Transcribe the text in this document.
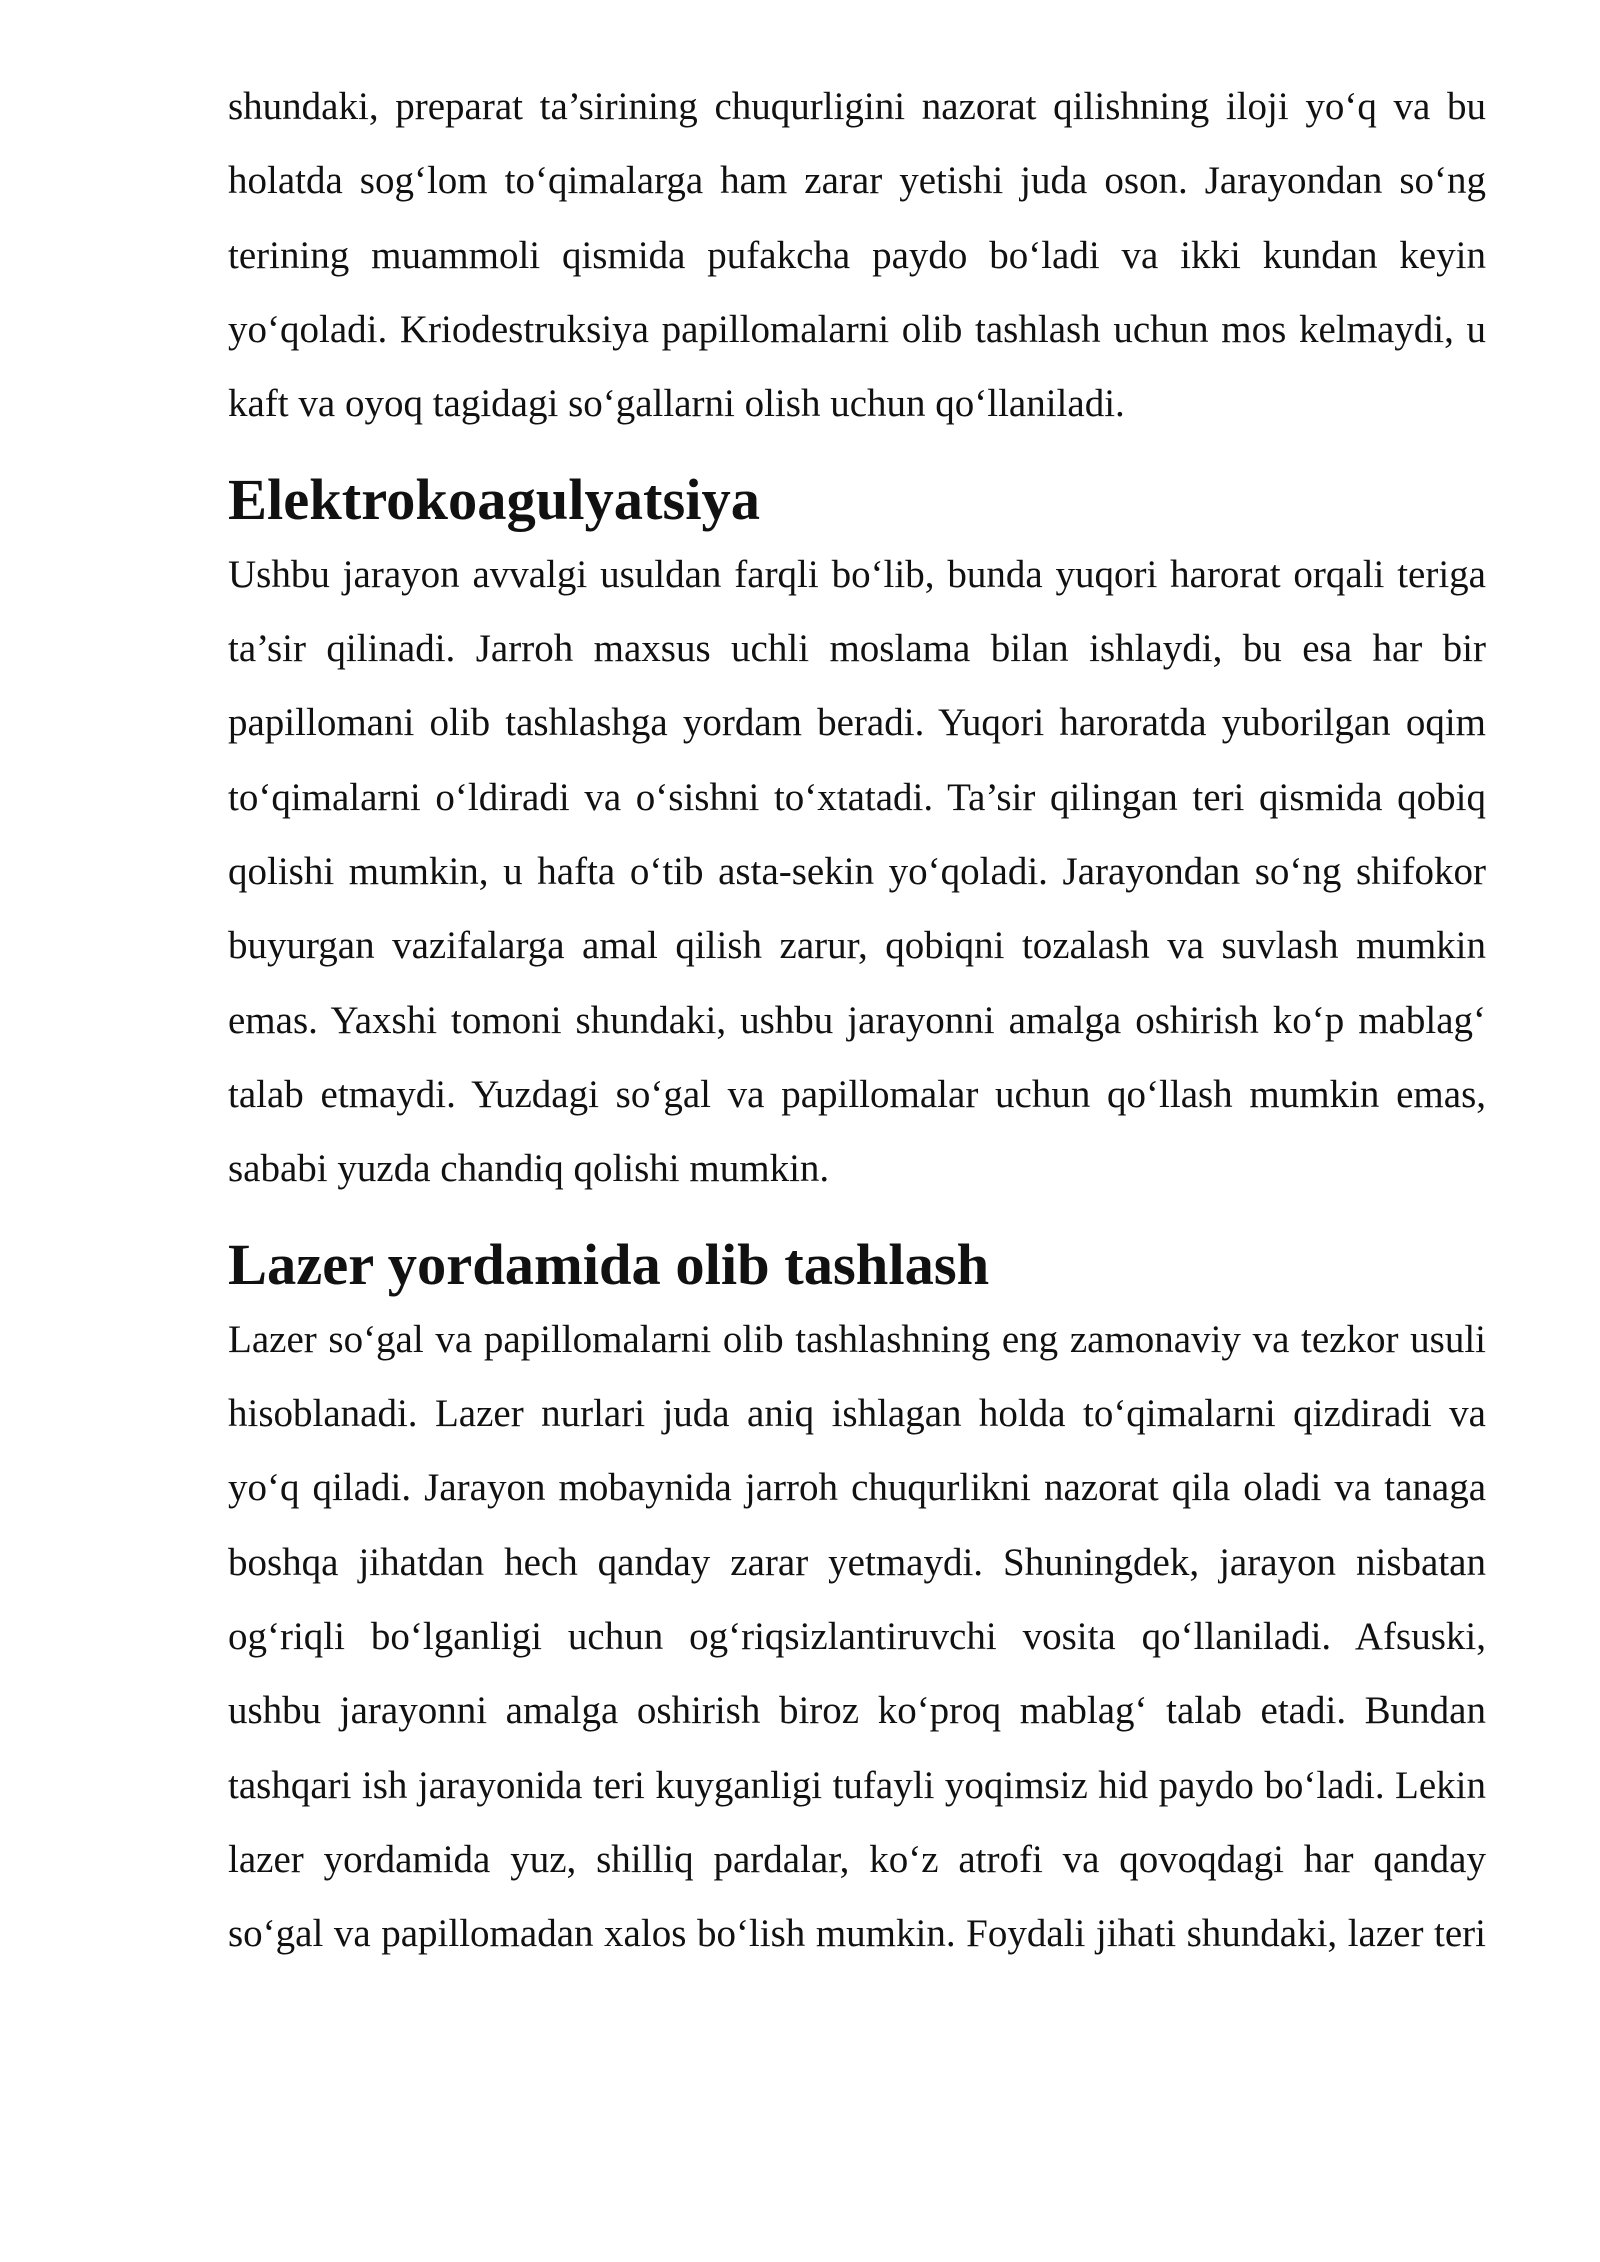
shundaki, preparat ta’sirining chuqurligini nazorat qilishning iloji yo‘q va bu holatda sog‘lom to‘qimalarga ham zarar yetishi juda oson. Jarayondan so‘ng terining muammoli qismida pufakcha paydo bo‘ladi va ikki kundan keyin yo‘qoladi. Kriodestruksiya papillomalarni olib tashlash uchun mos kelmaydi, u kaft va oyoq tagidagi so‘gallarni olish uchun qo‘llaniladi.

Elektrokoagulyatsiya

Ushbu jarayon avvalgi usuldan farqli bo‘lib, bunda yuqori harorat orqali teriga ta’sir qilinadi. Jarroh maxsus uchli moslama bilan ishlaydi, bu esa har bir papillomani olib tashlashga yordam beradi. Yuqori haroratda yuborilgan oqim to‘qimalarni o‘ldiradi va o‘sishni to‘xtatadi. Ta’sir qilingan teri qismida qobiq qolishi mumkin, u hafta o‘tib asta-sekin yo‘qoladi. Jarayondan so‘ng shifokor buyurgan vazifalarga amal qilish zarur, qobiqni tozalash va suvlash mumkin emas. Yaxshi tomoni shundaki, ushbu jarayonni amalga oshirish ko‘p mablag‘ talab etmaydi. Yuzdagi so‘gal va papillomalar uchun qo‘llash mumkin emas, sababi yuzda chandiq qolishi mumkin.

Lazer yordamida olib tashlash

Lazer so‘gal va papillomalarni olib tashlashning eng zamonaviy va tezkor usuli hisoblanadi. Lazer nurlari juda aniq ishlagan holda to‘qimalarni qizdiradi va yo‘q qiladi. Jarayon mobaynida jarroh chuqurlikni nazorat qila oladi va tanaga boshqa jihatdan hech qanday zarar yetmaydi. Shuningdek, jarayon nisbatan og‘riqli bo‘lganligi uchun og‘riqsizlantiruvchi vosita qo‘llaniladi. Afsuski, ushbu jarayonni amalga oshirish biroz ko‘proq mablag‘ talab etadi. Bundan tashqari ish jarayonida teri kuyganligi tufayli yoqimsiz hid paydo bo‘ladi. Lekin lazer yordamida yuz, shilliq pardalar, ko‘z atrofi va qovoqdagi har qanday so‘gal va papillomadan xalos bo‘lish mumkin. Foydali jihati shundaki, lazer teri
